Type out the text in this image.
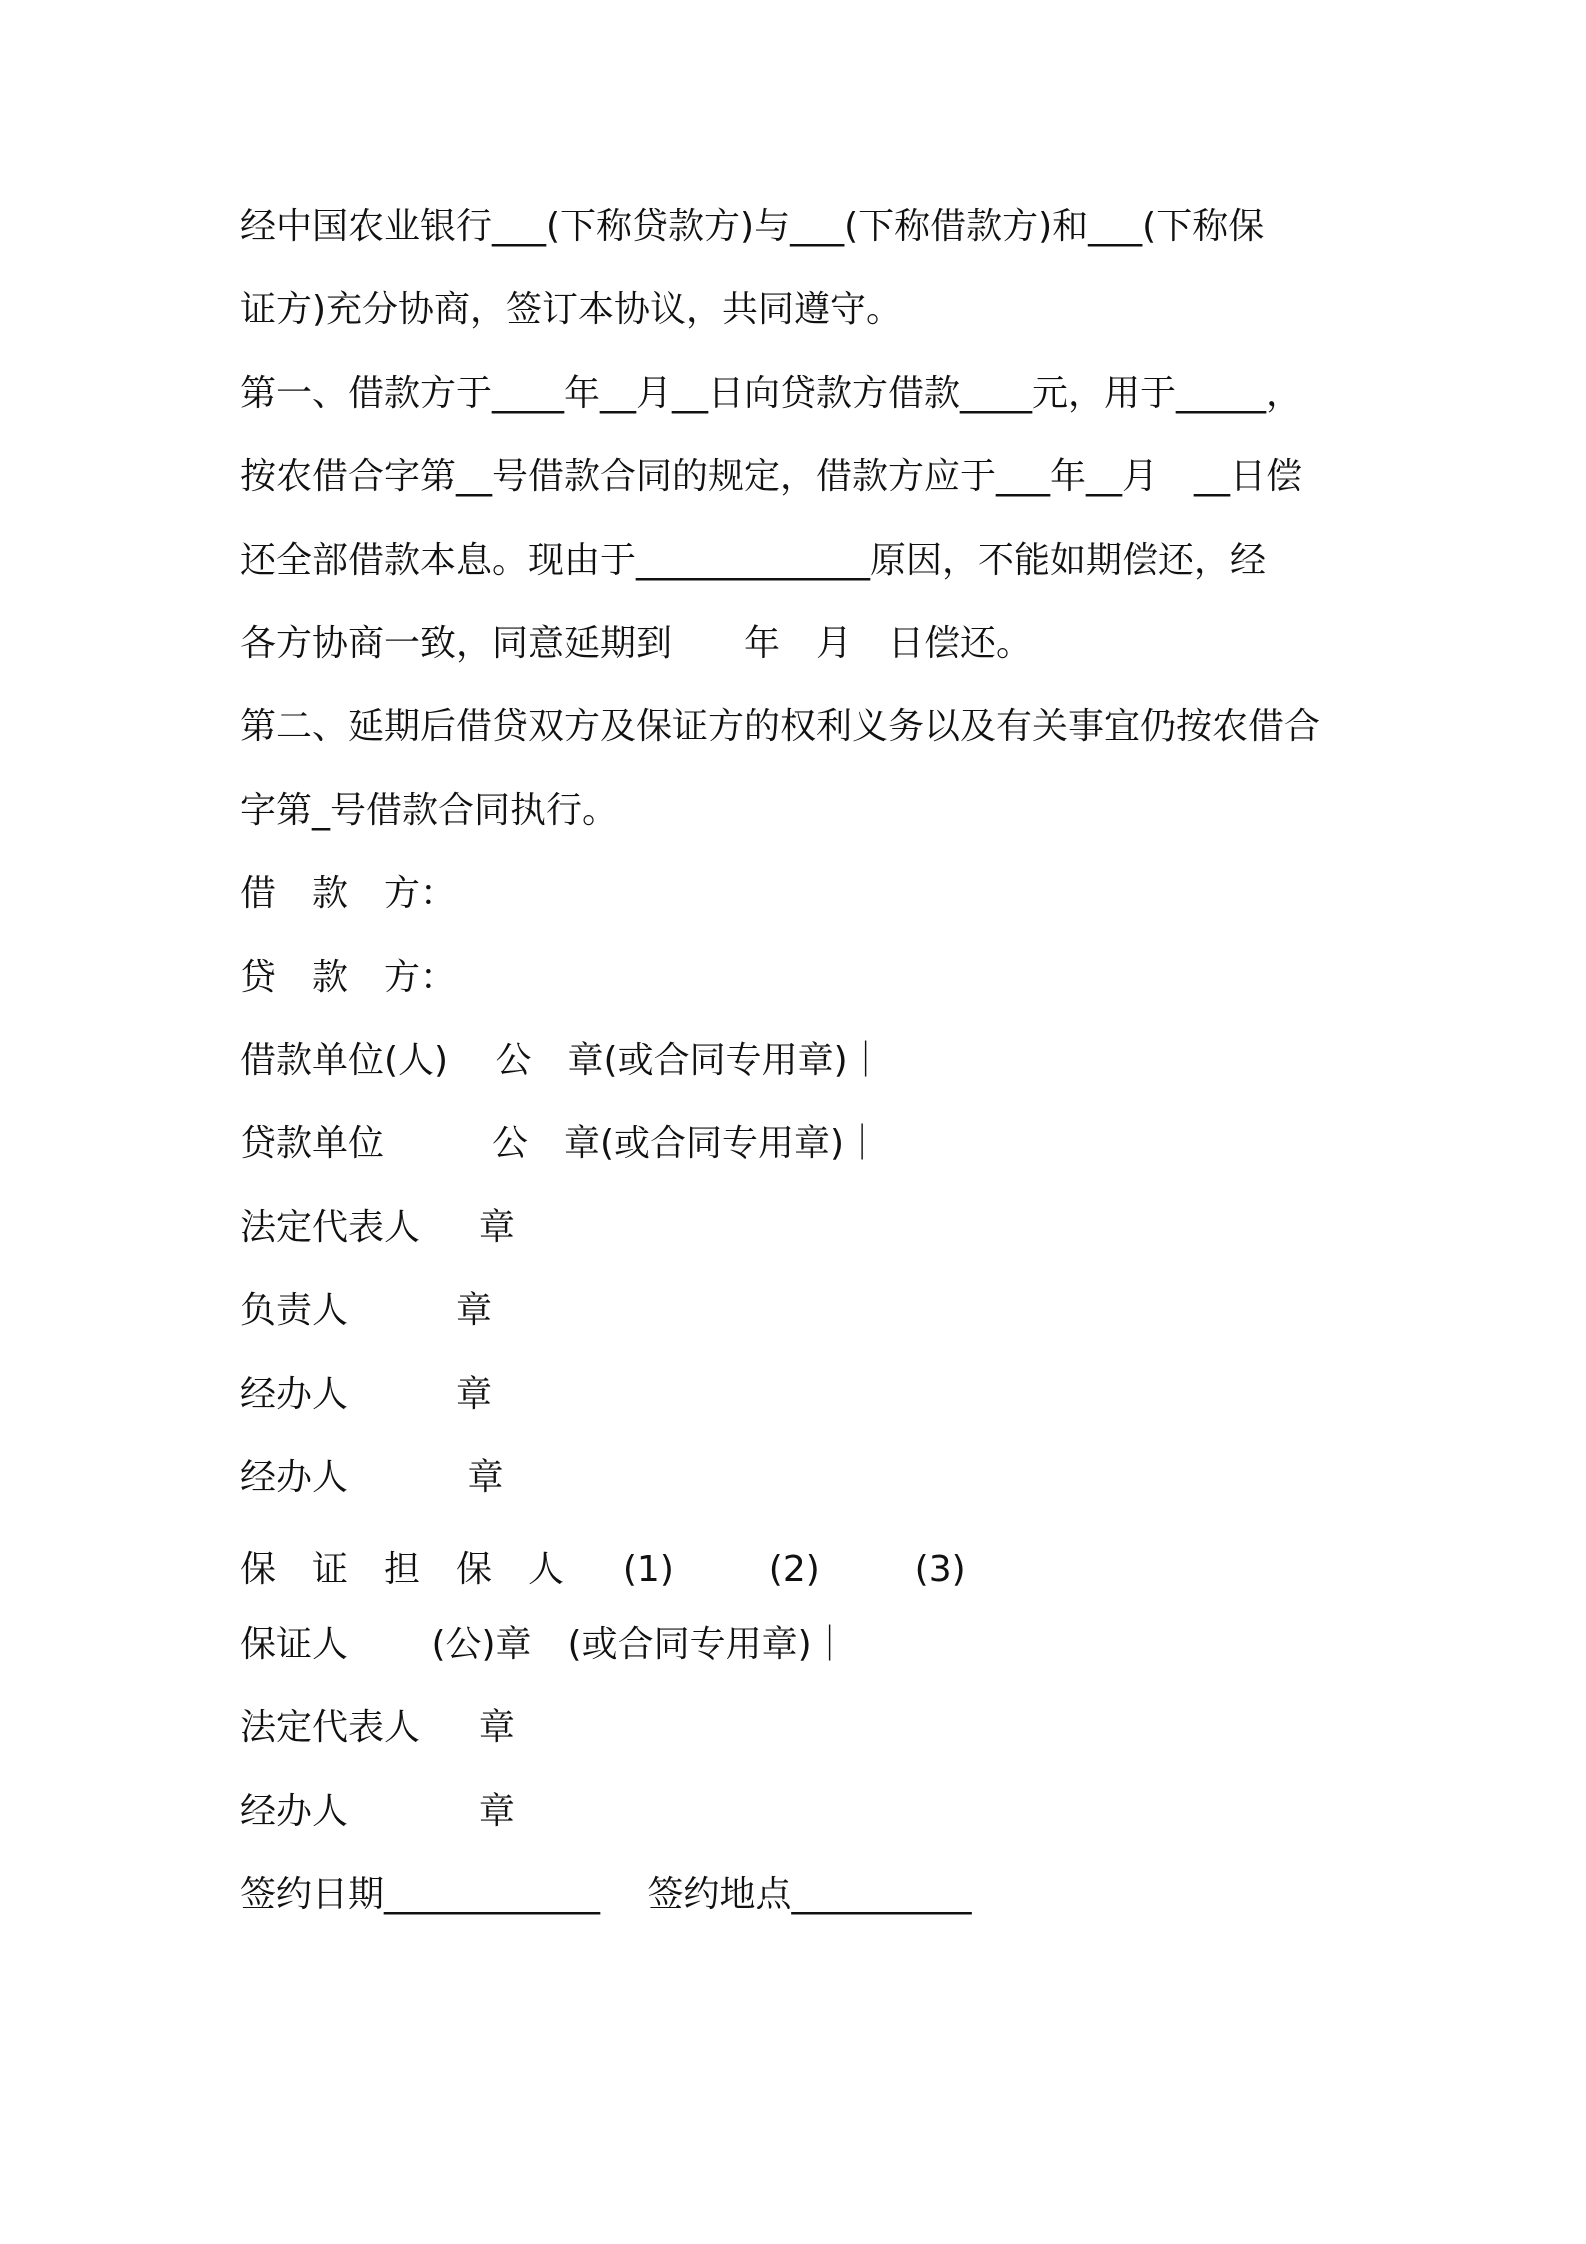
经中国农业银行___(下称贷款方)与___(下称借款方)和___(下称保

证方)充分协商，签订本协议，共同遵守。

第一、借款方于____年__月__日向贷款方借款____元，用于_____，

按农借合字第__号借款合同的规定，借款方应于___年__月　__日偿

还全部借款本息。现由于_____________原因，不能如期偿还，经

各方协商一致，同意延期到　　年　月　日偿还。

第二、延期后借贷双方及保证方的权利义务以及有关事宜仍按农借合

字第_号借款合同执行。

借　款　方：

贷　款　方：

借款单位(人)　 公　章(或合同专用章)｜

贷款单位　　　公　章(或合同专用章)｜

法定代表人　  章

负责人　　　章

经办人　　　章

经办人　　　 章

保　证　担　保　人　  (1)　　  (2)　　  (3)

保证人　　 (公)章　(或合同专用章)｜

法定代表人　  章

经办人　　　  章

签约日期____________　 签约地点__________
